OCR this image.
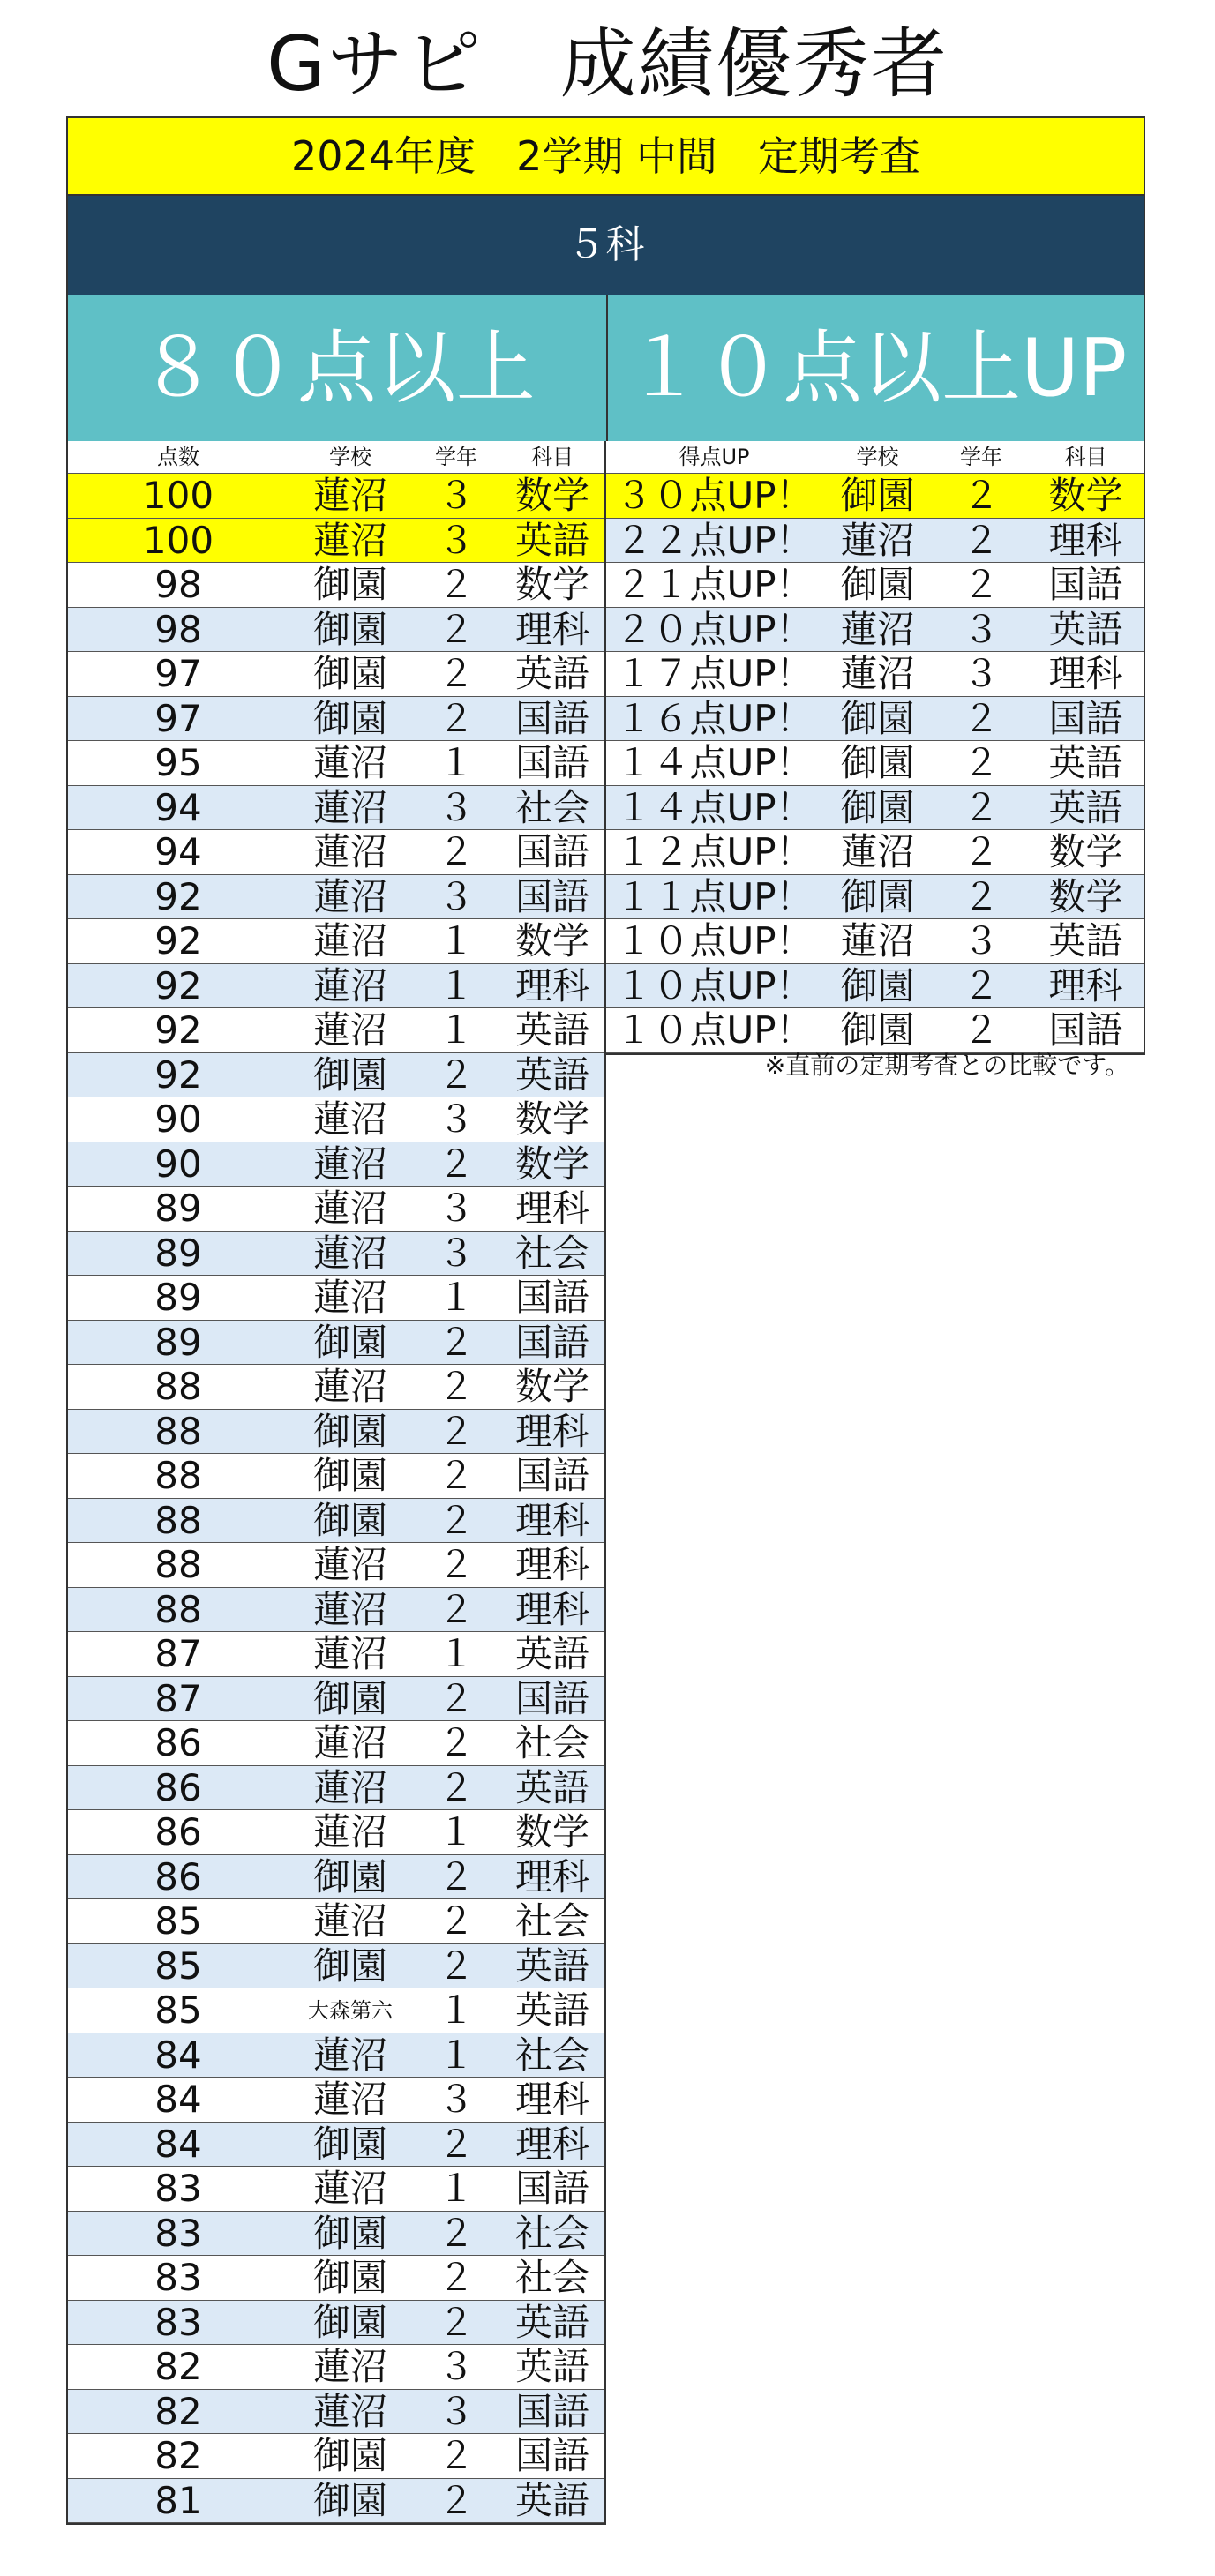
Gサピ　成績優秀者
2024年度　2学期 中間　定期考査
５科
８０点以上	１０点以上UP
点数	学校	学年	科目
100	蓮沼	３	数学
100	蓮沼	３	英語
98	御園	２	数学
98	御園	２	理科
97	御園	２	英語
97	御園	２	国語
95	蓮沼	１	国語
94	蓮沼	３	社会
94	蓮沼	２	国語
92	蓮沼	３	国語
92	蓮沼	１	数学
92	蓮沼	１	理科
92	蓮沼	１	英語
92	御園	２	英語
90	蓮沼	３	数学
90	蓮沼	２	数学
89	蓮沼	３	理科
89	蓮沼	３	社会
89	蓮沼	１	国語
89	御園	２	国語
88	蓮沼	２	数学
88	御園	２	理科
88	御園	２	国語
88	御園	２	理科
88	蓮沼	２	理科
88	蓮沼	２	理科
87	蓮沼	１	英語
87	御園	２	国語
86	蓮沼	２	社会
86	蓮沼	２	英語
86	蓮沼	１	数学
86	御園	２	理科
85	蓮沼	２	社会
85	御園	２	英語
85	大森第六	１	英語
84	蓮沼	１	社会
84	蓮沼	３	理科
84	御園	２	理科
83	蓮沼	１	国語
83	御園	２	社会
83	御園	２	社会
83	御園	２	英語
82	蓮沼	３	英語
82	蓮沼	３	国語
82	御園	２	国語
81	御園	２	英語
得点UP	学校	学年	科目
３０点UP！ 御園	２	数学
２２点UP！ 蓮沼	２	理科
２１点UP！ 御園	２	国語
２０点UP！ 蓮沼	３	英語
１７点UP！ 蓮沼	３	理科
１６点UP！ 御園	２	国語
１４点UP！ 御園	２	英語
１４点UP！ 御園	２	英語
１２点UP！ 蓮沼	２	数学
１１点UP！ 御園	２	数学
１０点UP！ 蓮沼	３	英語
１０点UP！ 御園	２	理科
１０点UP！ 御園	２	国語
※直前の定期考査との比較です。
